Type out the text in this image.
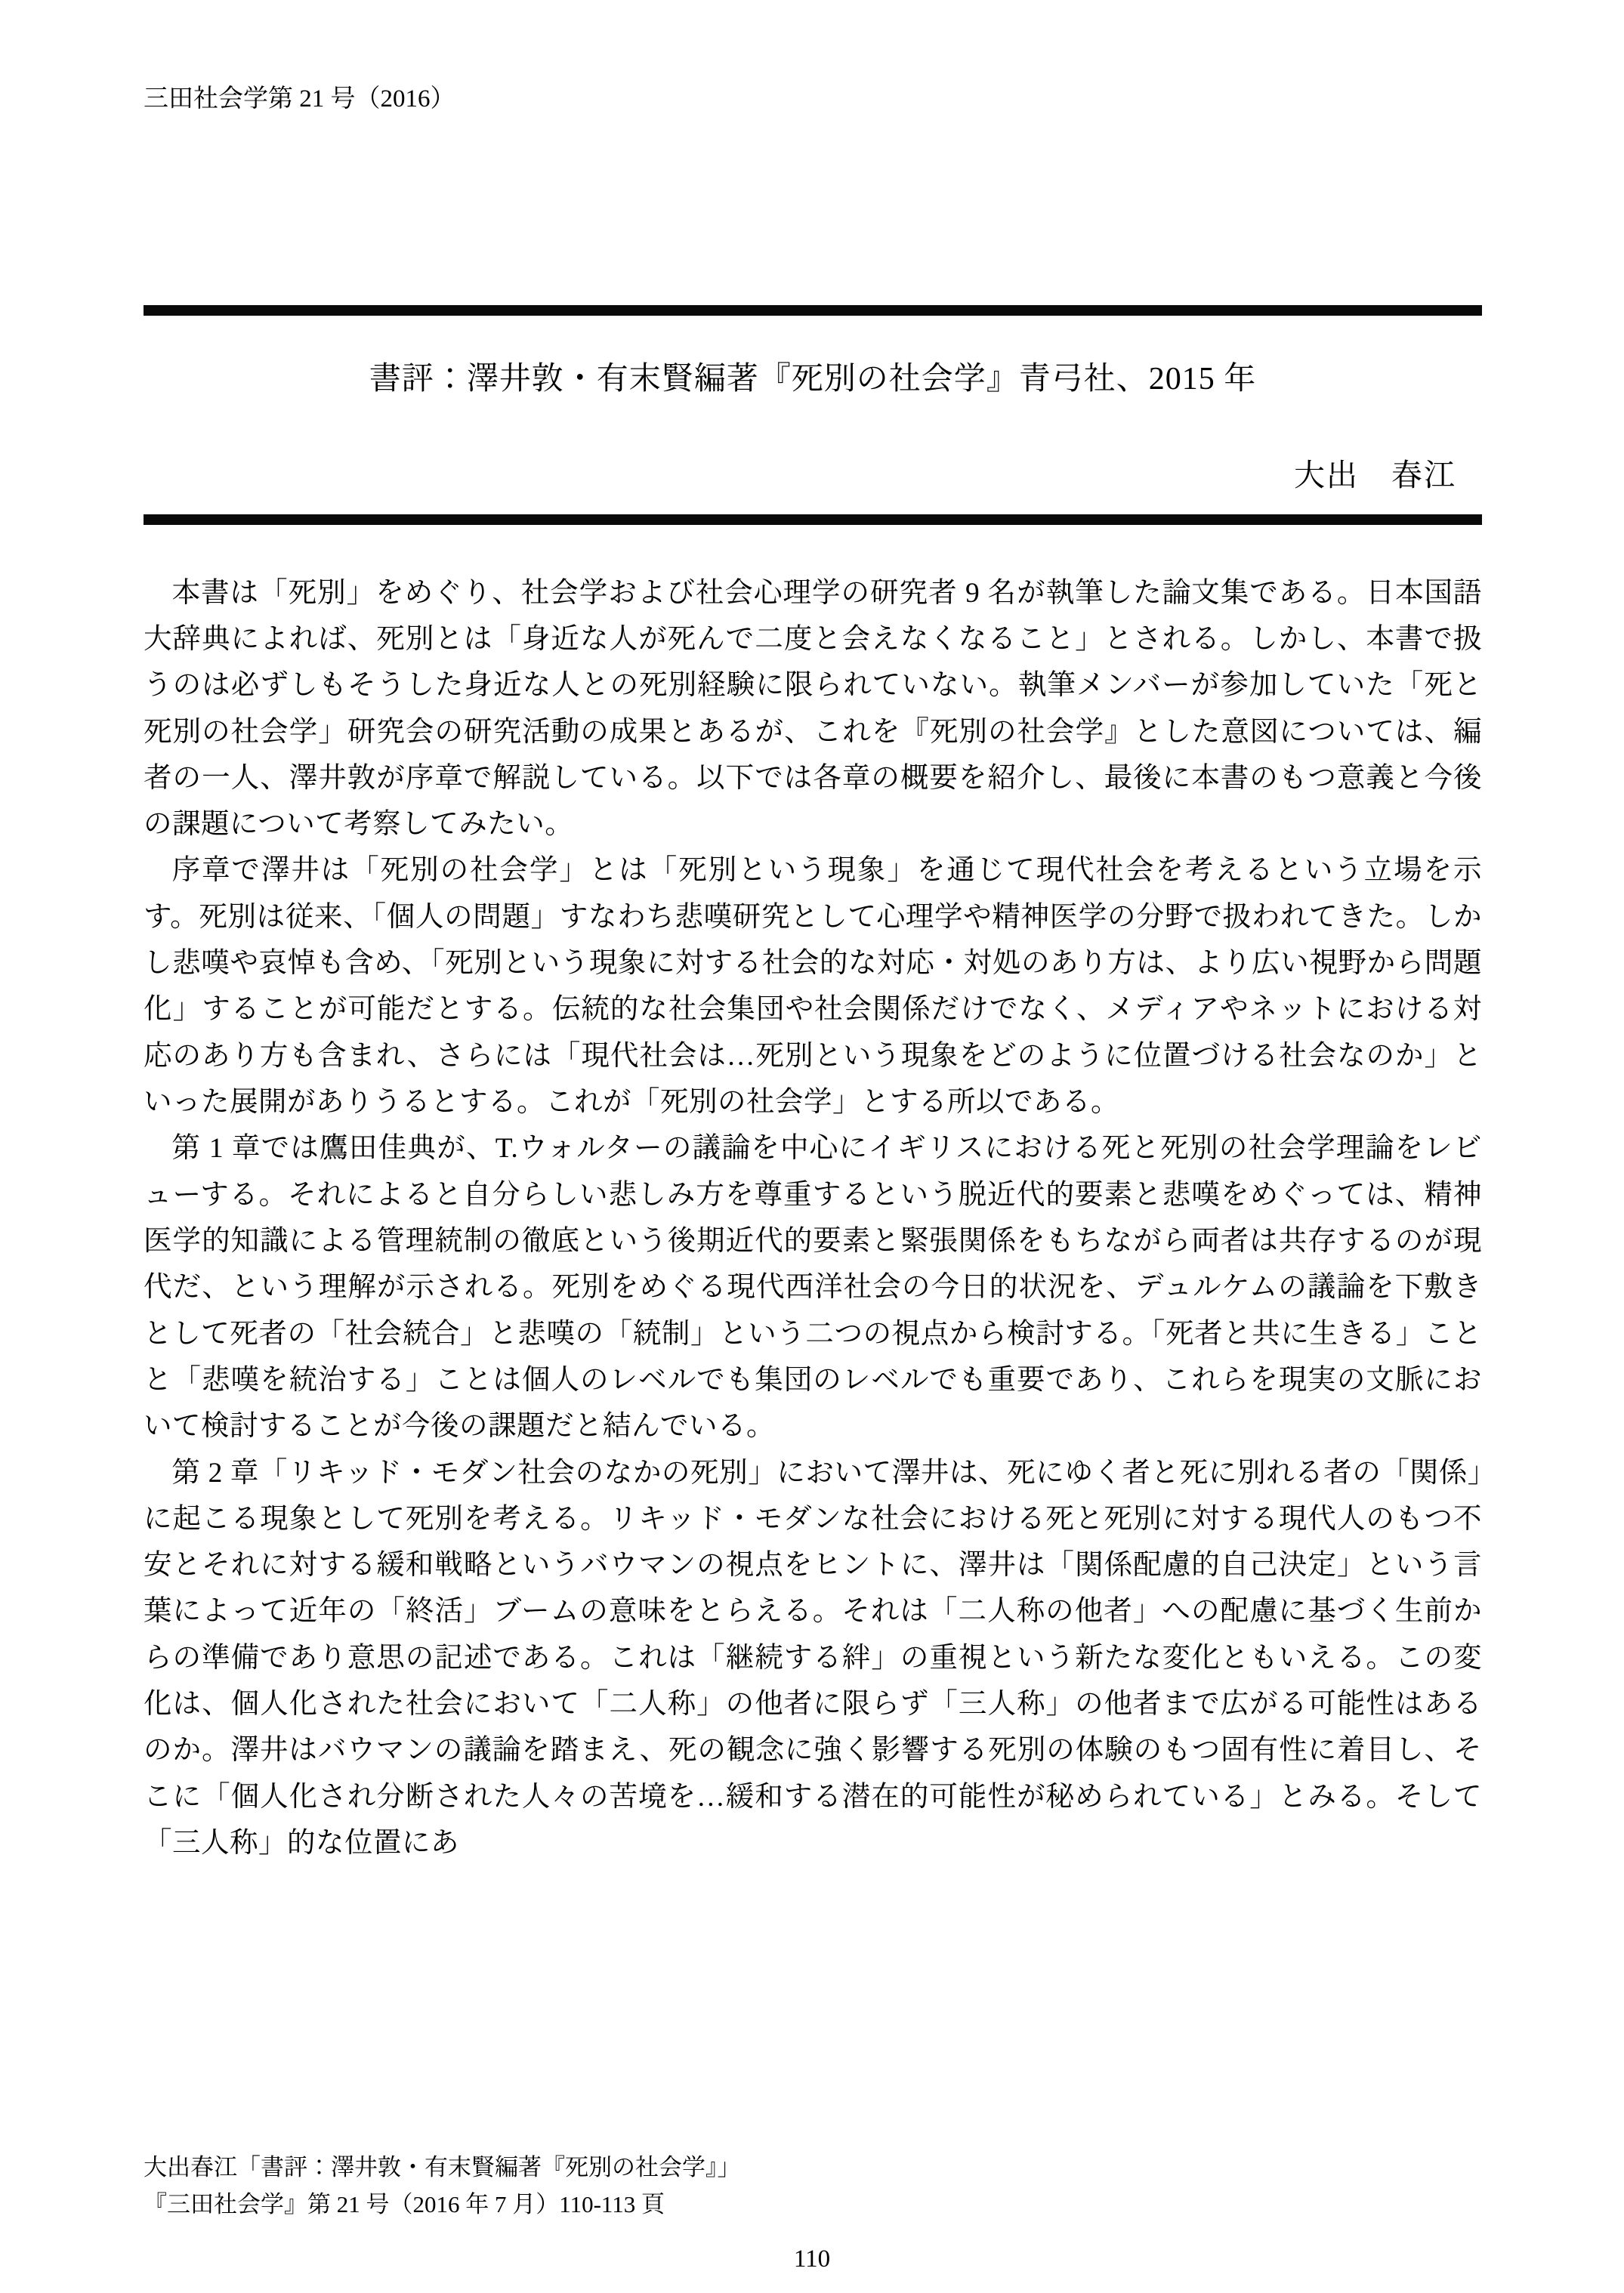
三田社会学第 21 号（2016）
書評：澤井敦・有末賢編著『死別の社会学』青弓社、2015 年
大出　春江

本書は「死別」をめぐり、社会学および社会心理学の研究者 9 名が執筆した論文集である。日本国語大辞典によれば、死別とは「身近な人が死んで二度と会えなくなること」とされる。しかし、本書で扱うのは必ずしもそうした身近な人との死別経験に限られていない。執筆メンバーが参加していた「死と死別の社会学」研究会の研究活動の成果とあるが、これを『死別の社会学』とした意図については、編者の一人、澤井敦が序章で解説している。以下では各章の概要を紹介し、最後に本書のもつ意義と今後の課題について考察してみたい。

序章で澤井は「死別の社会学」とは「死別という現象」を通じて現代社会を考えるという立場を示す。死別は従来、「個人の問題」すなわち悲嘆研究として心理学や精神医学の分野で扱われてきた。しかし悲嘆や哀悼も含め、「死別という現象に対する社会的な対応・対処のあり方は、より広い視野から問題化」することが可能だとする。伝統的な社会集団や社会関係だけでなく、メディアやネットにおける対応のあり方も含まれ、さらには「現代社会は…死別という現象をどのように位置づける社会なのか」といった展開がありうるとする。これが「死別の社会学」とする所以である。

第 1 章では鷹田佳典が、T.ウォルターの議論を中心にイギリスにおける死と死別の社会学理論をレビューする。それによると自分らしい悲しみ方を尊重するという脱近代的要素と悲嘆をめぐっては、精神医学的知識による管理統制の徹底という後期近代的要素と緊張関係をもちながら両者は共存するのが現代だ、という理解が示される。死別をめぐる現代西洋社会の今日的状況を、デュルケムの議論を下敷きとして死者の「社会統合」と悲嘆の「統制」という二つの視点から検討する。「死者と共に生きる」ことと「悲嘆を統治する」ことは個人のレベルでも集団のレベルでも重要であり、これらを現実の文脈において検討することが今後の課題だと結んでいる。

第 2 章「リキッド・モダン社会のなかの死別」において澤井は、死にゆく者と死に別れる者の「関係」に起こる現象として死別を考える。リキッド・モダンな社会における死と死別に対する現代人のもつ不安とそれに対する緩和戦略というバウマンの視点をヒントに、澤井は「関係配慮的自己決定」という言葉によって近年の「終活」ブームの意味をとらえる。それは「二人称の他者」への配慮に基づく生前からの準備であり意思の記述である。これは「継続する絆」の重視という新たな変化ともいえる。この変化は、個人化された社会において「二人称」の他者に限らず「三人称」の他者まで広がる可能性はあるのか。澤井はバウマンの議論を踏まえ、死の観念に強く影響する死別の体験のもつ固有性に着目し、そこに「個人化され分断された人々の苦境を…緩和する潜在的可能性が秘められている」とみる。そして「三人称」的な位置にあ

大出春江「書評：澤井敦・有末賢編著『死別の社会学』」
『三田社会学』第 21 号（2016 年 7 月）110-113 頁
110
